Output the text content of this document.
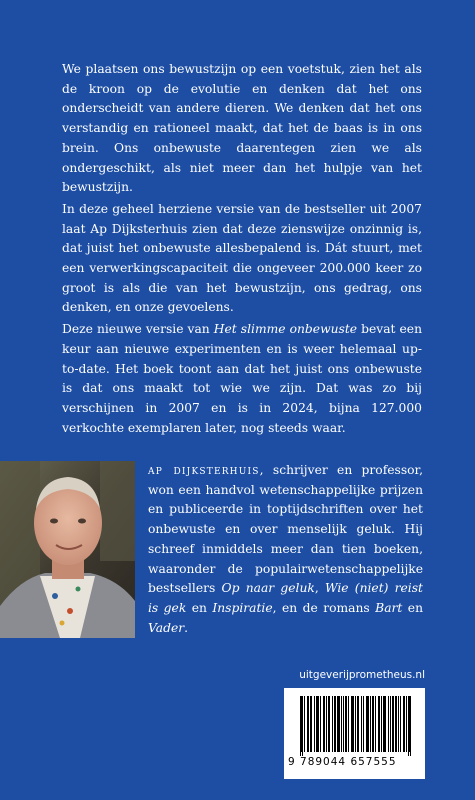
We plaatsen ons bewustzijn op een voetstuk, zien het als de kroon op de evolutie en denken dat het ons onderscheidt van andere dieren. We denken dat het ons verstandig en rationeel maakt, dat het de baas is in ons brein. Ons onbewuste daarentegen zien we als ondergeschikt, als niet meer dan het hulpje van het bewustzijn.

In deze geheel herziene versie van de bestseller uit 2007 laat Ap Dijksterhuis zien dat deze zienswijze onzinnig is, dat juist het onbewuste allesbepalend is. Dát stuurt, met een verwerkingscapaciteit die ongeveer 200.000 keer zo groot is als die van het bewustzijn, ons gedrag, ons denken, en onze gevoelens.

Deze nieuwe versie van Het slimme onbewuste bevat een keur aan nieuwe experimenten en is weer helemaal up-to-date. Het boek toont aan dat het juist ons onbewuste is dat ons maakt tot wie we zijn. Dat was zo bij verschijnen in 2007 en is in 2024, bijna 127.000 verkochte exemplaren later, nog steeds waar.

ap dijksterhuis, schrijver en professor, won een handvol wetenschappelijke prijzen en publiceerde in toptijdschriften over het onbewuste en over menselijk geluk. Hij schreef inmiddels meer dan tien boeken, waaronder de populairwetenschappelijke bestsellers Op naar geluk, Wie (niet) reist is gek en Inspiratie, en de romans Bart en Vader.

uitgeverijprometheus.nl
9 789044 657555
